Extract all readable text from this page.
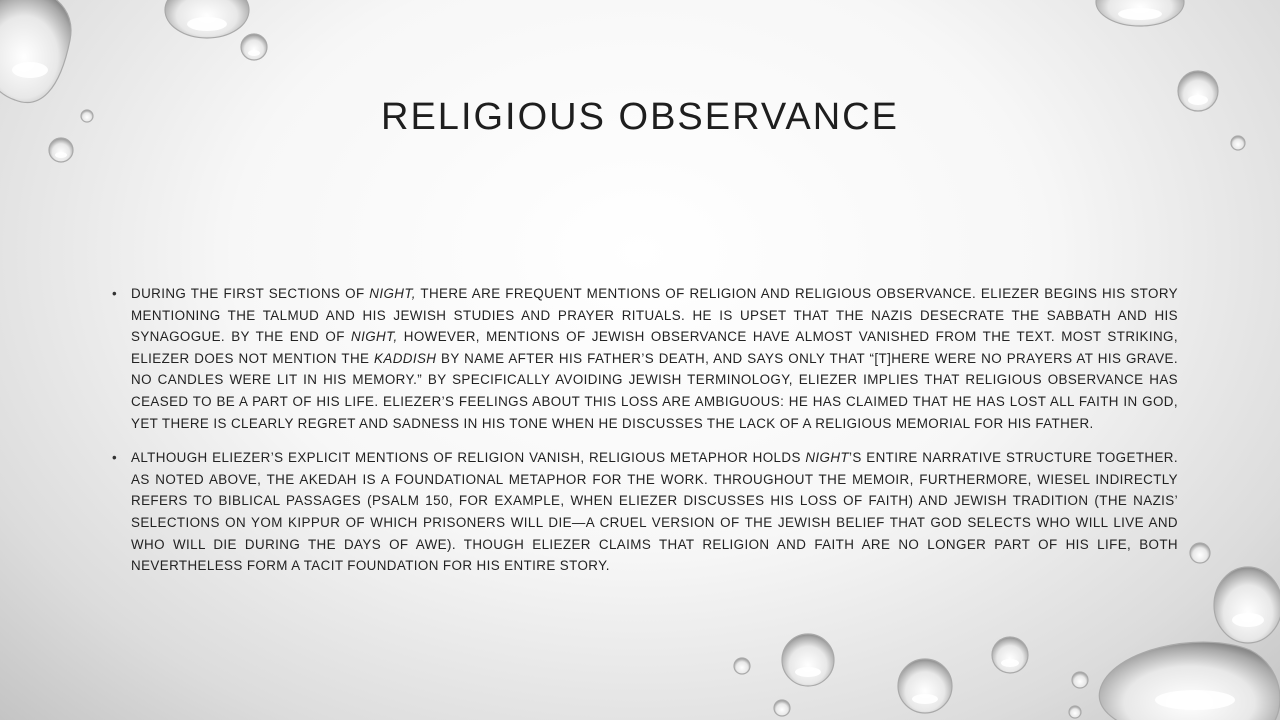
RELIGIOUS OBSERVANCE
• DURING THE FIRST SECTIONS OF NIGHT, THERE ARE FREQUENT MENTIONS OF RELIGION AND RELIGIOUS OBSERVANCE. ELIEZER BEGINS HIS STORY MENTIONING THE TALMUD AND HIS JEWISH STUDIES AND PRAYER RITUALS. HE IS UPSET THAT THE NAZIS DESECRATE THE SABBATH AND HIS SYNAGOGUE. BY THE END OF NIGHT, HOWEVER, MENTIONS OF JEWISH OBSERVANCE HAVE ALMOST VANISHED FROM THE TEXT. MOST STRIKING, ELIEZER DOES NOT MENTION THE KADDISH BY NAME AFTER HIS FATHER’S DEATH, AND SAYS ONLY THAT “[T]HERE WERE NO PRAYERS AT HIS GRAVE. NO CANDLES WERE LIT IN HIS MEMORY.” BY SPECIFICALLY AVOIDING JEWISH TERMINOLOGY, ELIEZER IMPLIES THAT RELIGIOUS OBSERVANCE HAS CEASED TO BE A PART OF HIS LIFE. ELIEZER’S FEELINGS ABOUT THIS LOSS ARE AMBIGUOUS: HE HAS CLAIMED THAT HE HAS LOST ALL FAITH IN GOD, YET THERE IS CLEARLY REGRET AND SADNESS IN HIS TONE WHEN HE DISCUSSES THE LACK OF A RELIGIOUS MEMORIAL FOR HIS FATHER.
• ALTHOUGH ELIEZER’S EXPLICIT MENTIONS OF RELIGION VANISH, RELIGIOUS METAPHOR HOLDS NIGHT’S ENTIRE NARRATIVE STRUCTURE TOGETHER. AS NOTED ABOVE, THE AKEDAH IS A FOUNDATIONAL METAPHOR FOR THE WORK. THROUGHOUT THE MEMOIR, FURTHERMORE, WIESEL INDIRECTLY REFERS TO BIBLICAL PASSAGES (PSALM 150, FOR EXAMPLE, WHEN ELIEZER DISCUSSES HIS LOSS OF FAITH) AND JEWISH TRADITION (THE NAZIS’ SELECTIONS ON YOM KIPPUR OF WHICH PRISONERS WILL DIE—A CRUEL VERSION OF THE JEWISH BELIEF THAT GOD SELECTS WHO WILL LIVE AND WHO WILL DIE DURING THE DAYS OF AWE). THOUGH ELIEZER CLAIMS THAT RELIGION AND FAITH ARE NO LONGER PART OF HIS LIFE, BOTH NEVERTHELESS FORM A TACIT FOUNDATION FOR HIS ENTIRE STORY.
